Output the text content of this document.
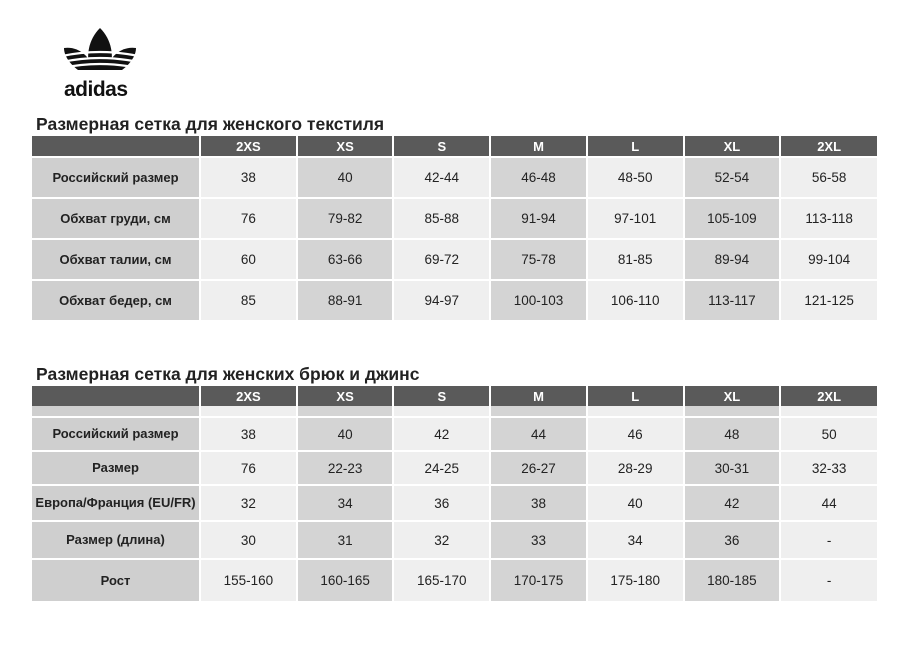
adidas
Размерная сетка для женского текстиля
	2XS	XS	S	M	L	XL	2XL
Российский размер	38	40	42-44	46-48	48-50	52-54	56-58
Обхват груди, см	76	79-82	85-88	91-94	97-101	105-109	113-118
Обхват талии, см	60	63-66	69-72	75-78	81-85	89-94	99-104
Обхват бедер, см	85	88-91	94-97	100-103	106-110	113-117	121-125
Размерная сетка для женских брюк и джинс
	2XS	XS	S	M	L	XL	2XL

Российский размер	38	40	42	44	46	48	50
Размер	76	22-23	24-25	26-27	28-29	30-31	32-33
Европа/Франция (EU/FR)	32	34	36	38	40	42	44
Размер (длина)	30	31	32	33	34	36	-
Рост	155-160	160-165	165-170	170-175	175-180	180-185	-
